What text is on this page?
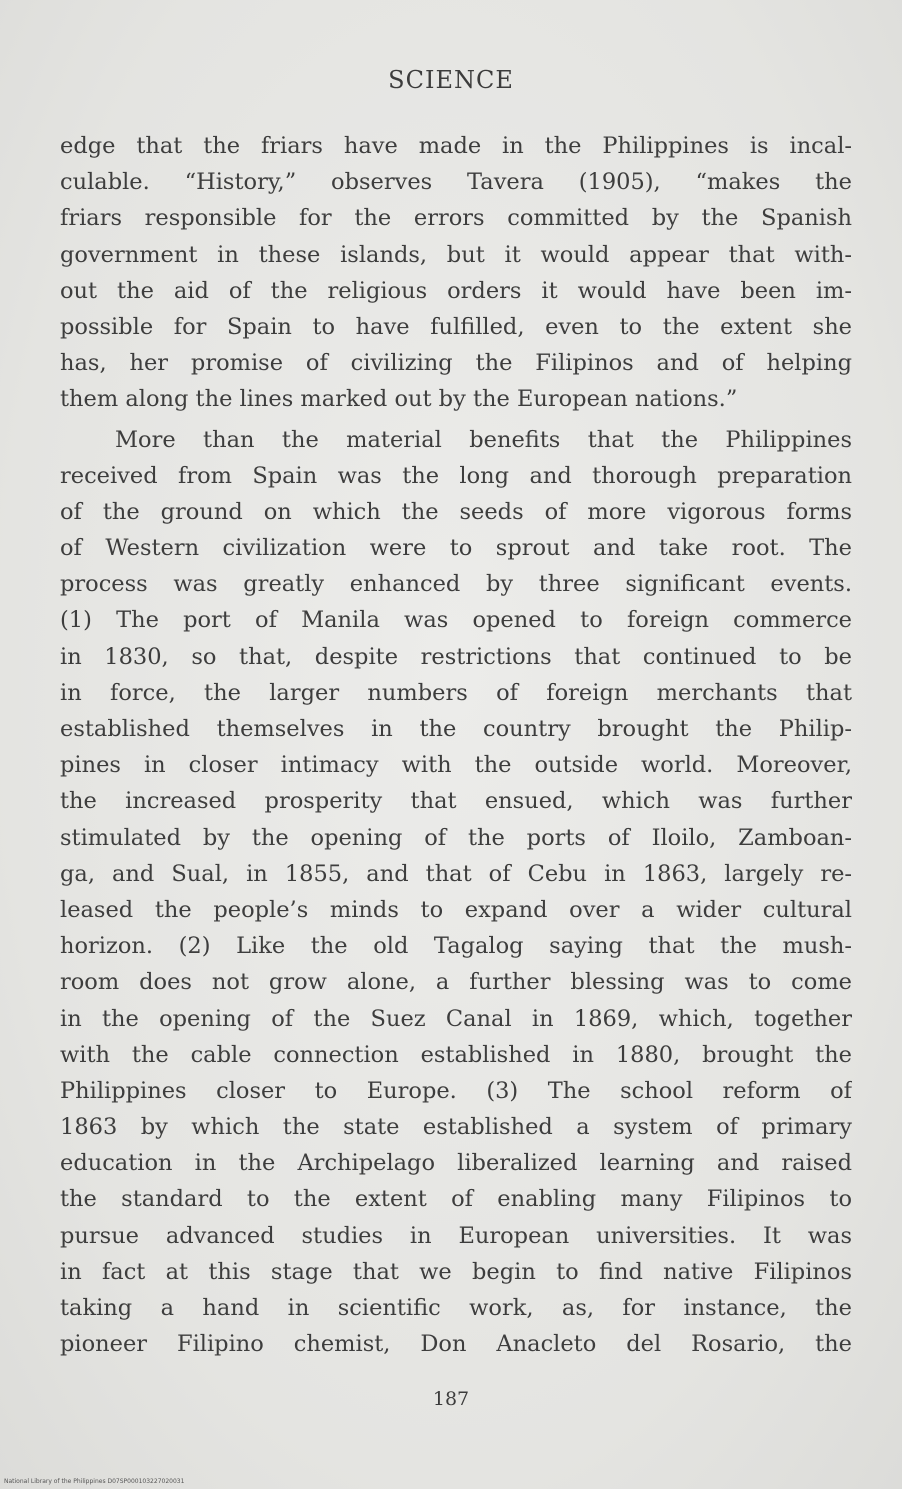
SCIENCE
edge that the friars have made in the Philippines is incal-
culable. “History,” observes Tavera (1905), “makes the
friars responsible for the errors committed by the Spanish
government in these islands, but it would appear that with-
out the aid of the religious orders it would have been im-
possible for Spain to have fulfilled, even to the extent she
has, her promise of civilizing the Filipinos and of helping
them along the lines marked out by the European nations.”
More than the material benefits that the Philippines
received from Spain was the long and thorough preparation
of the ground on which the seeds of more vigorous forms
of Western civilization were to sprout and take root. The
process was greatly enhanced by three significant events.
(1) The port of Manila was opened to foreign commerce
in 1830, so that, despite restrictions that continued to be
in force, the larger numbers of foreign merchants that
established themselves in the country brought the Philip-
pines in closer intimacy with the outside world. Moreover,
the increased prosperity that ensued, which was further
stimulated by the opening of the ports of Iloilo, Zamboan-
ga, and Sual, in 1855, and that of Cebu in 1863, largely re-
leased the people’s minds to expand over a wider cultural
horizon. (2) Like the old Tagalog saying that the mush-
room does not grow alone, a further blessing was to come
in the opening of the Suez Canal in 1869, which, together
with the cable connection established in 1880, brought the
Philippines closer to Europe. (3) The school reform of
1863 by which the state established a system of primary
education in the Archipelago liberalized learning and raised
the standard to the extent of enabling many Filipinos to
pursue advanced studies in European universities. It was
in fact at this stage that we begin to find native Filipinos
taking a hand in scientific work, as, for instance, the
pioneer Filipino chemist, Don Anacleto del Rosario, the
187
National Library of the Philippines D07SP000103227020031
